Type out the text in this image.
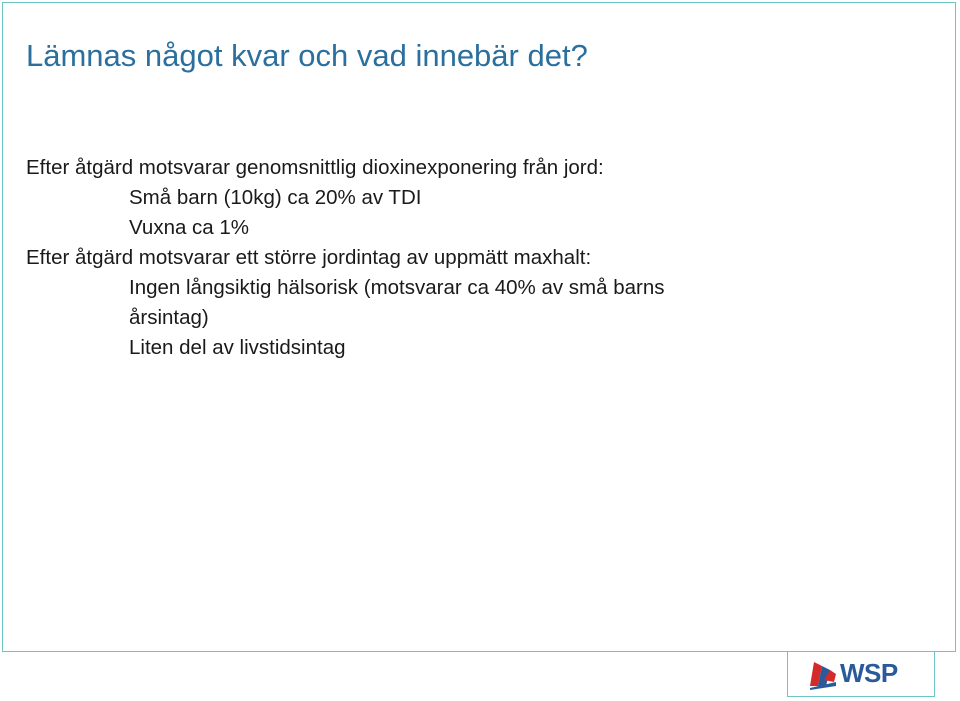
Lämnas något kvar och vad innebär det?
Efter åtgärd motsvarar genomsnittlig dioxinexponering från jord:
Små barn (10kg) ca 20% av TDI
Vuxna ca 1%
Efter åtgärd motsvarar ett större jordintag av uppmätt maxhalt:
Ingen långsiktig hälsorisk (motsvarar ca 40% av små barns
årsintag)
Liten del av livstidsintag
WSP
